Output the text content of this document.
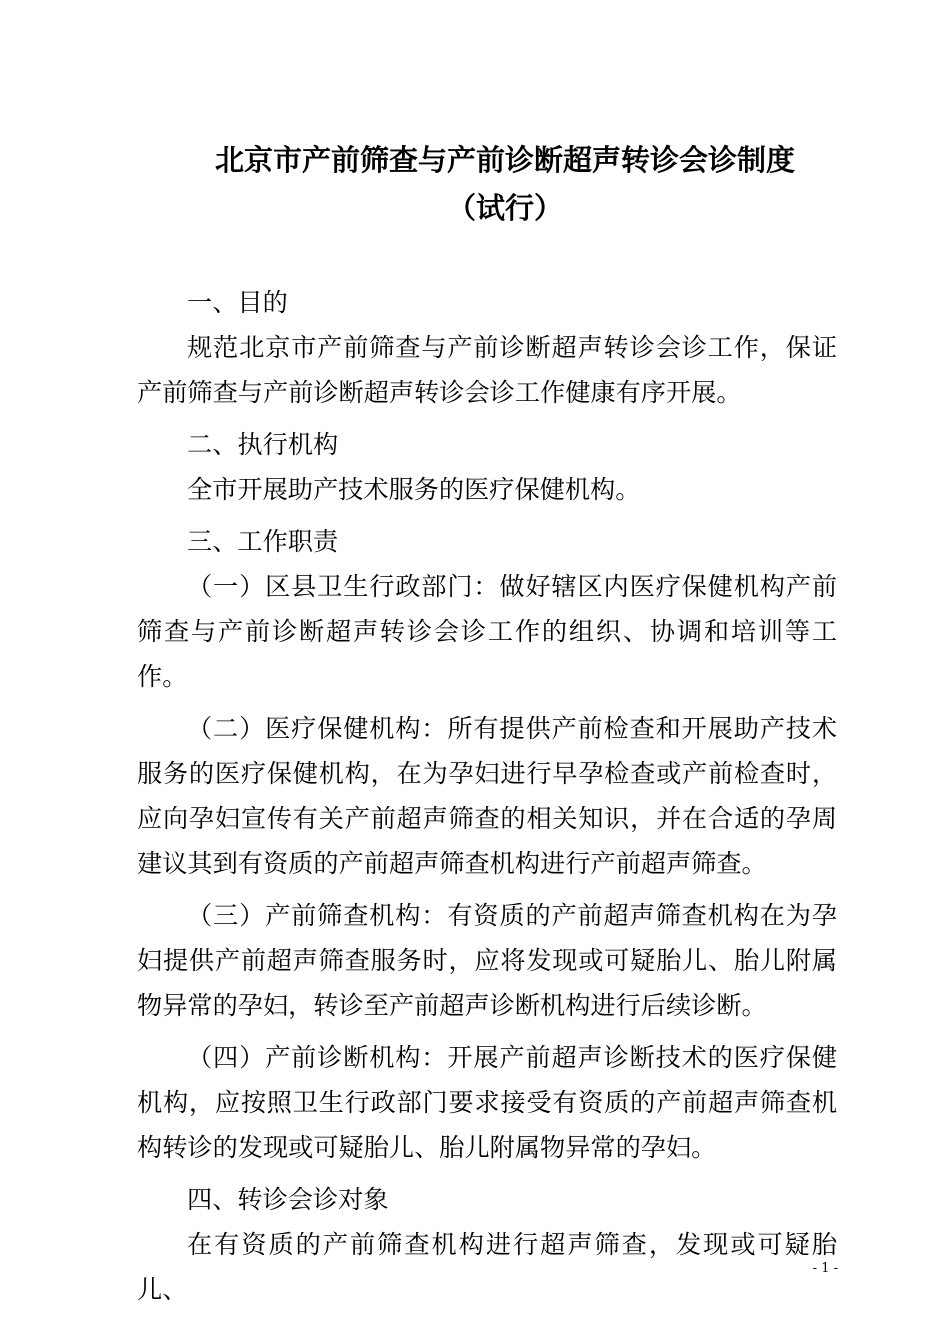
北京市产前筛查与产前诊断超声转诊会诊制度
（试行）

一、目的

规范北京市产前筛查与产前诊断超声转诊会诊工作，保证产前筛查与产前诊断超声转诊会诊工作健康有序开展。

二、执行机构

全市开展助产技术服务的医疗保健机构。

三、工作职责

（一）区县卫生行政部门：做好辖区内医疗保健机构产前筛查与产前诊断超声转诊会诊工作的组织、协调和培训等工作。

（二）医疗保健机构：所有提供产前检查和开展助产技术服务的医疗保健机构，在为孕妇进行早孕检查或产前检查时，应向孕妇宣传有关产前超声筛查的相关知识，并在合适的孕周建议其到有资质的产前超声筛查机构进行产前超声筛查。

（三）产前筛查机构：有资质的产前超声筛查机构在为孕妇提供产前超声筛查服务时，应将发现或可疑胎儿、胎儿附属物异常的孕妇，转诊至产前超声诊断机构进行后续诊断。

（四）产前诊断机构：开展产前超声诊断技术的医疗保健机构，应按照卫生行政部门要求接受有资质的产前超声筛查机构转诊的发现或可疑胎儿、胎儿附属物异常的孕妇。

四、转诊会诊对象

在有资质的产前筛查机构进行超声筛查，发现或可疑胎儿、

- 1 -
